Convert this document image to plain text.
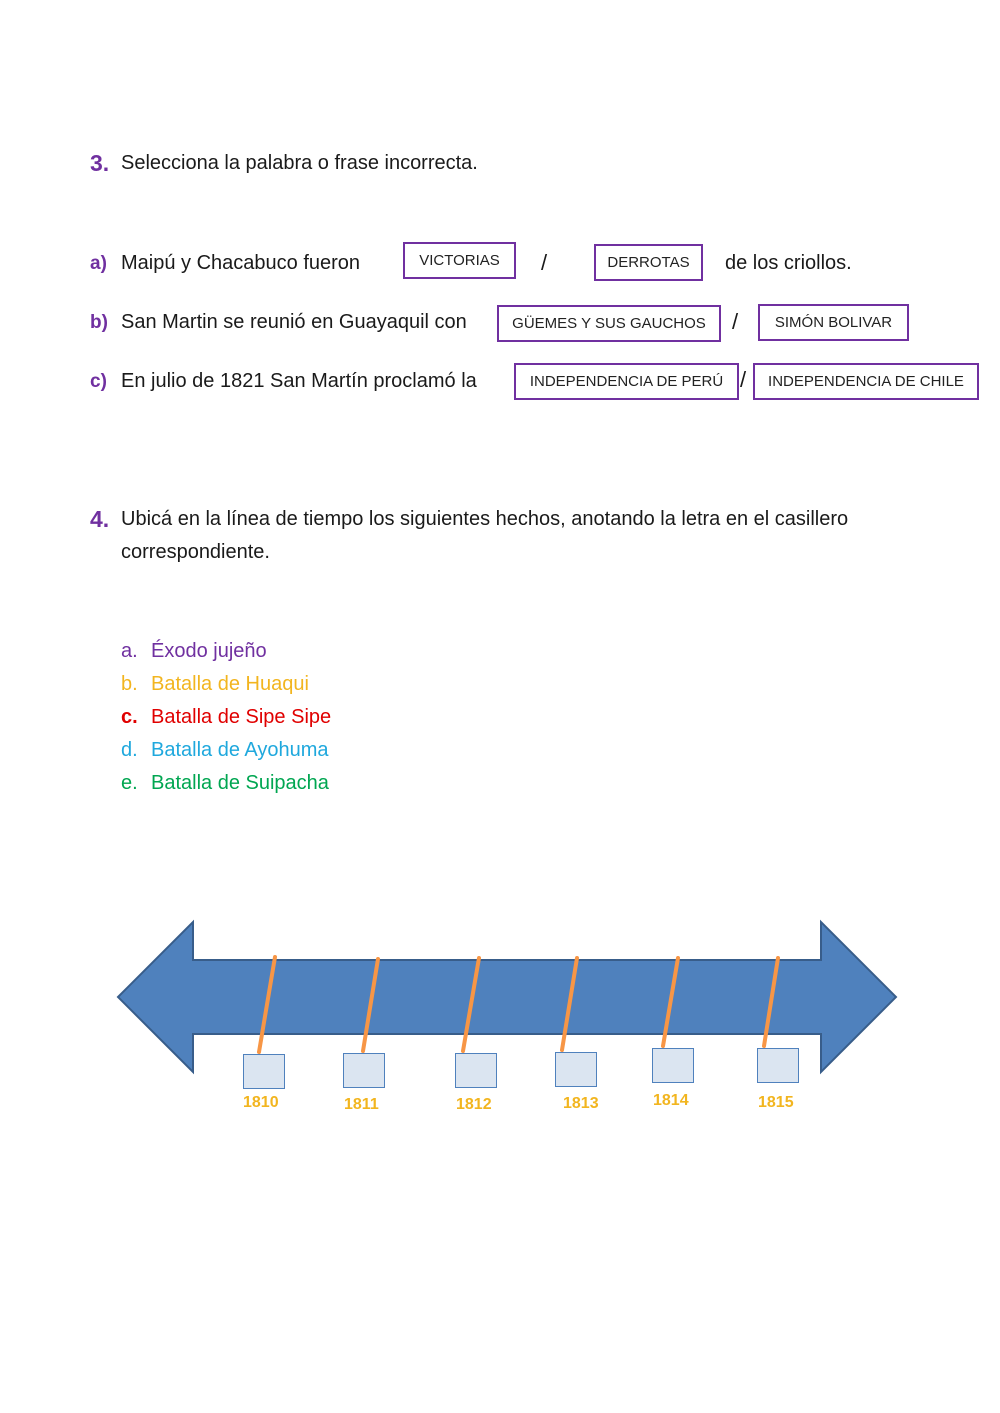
3. Selecciona la palabra o frase incorrecta.
a) Maipú y Chacabuco fueron	VICTORIAS	/	DERROTAS	de los criollos.
b) San Martin se reunió en Guayaquil con	GÜEMES Y SUS GAUCHOS	/	SIMÓN BOLIVAR
c) En julio de 1821 San Martín proclamó la	INDEPENDENCIA DE PERÚ /	INDEPENDENCIA DE CHILE
4. Ubicá en la línea de tiempo los siguientes hechos, anotando la letra en el casillero
correspondiente.
a. Éxodo jujeño
b. Batalla de Huaqui
c. Batalla de Sipe Sipe
d. Batalla de Ayohuma
e. Batalla de Suipacha
1810	1811	1812	1813	1814	1815
